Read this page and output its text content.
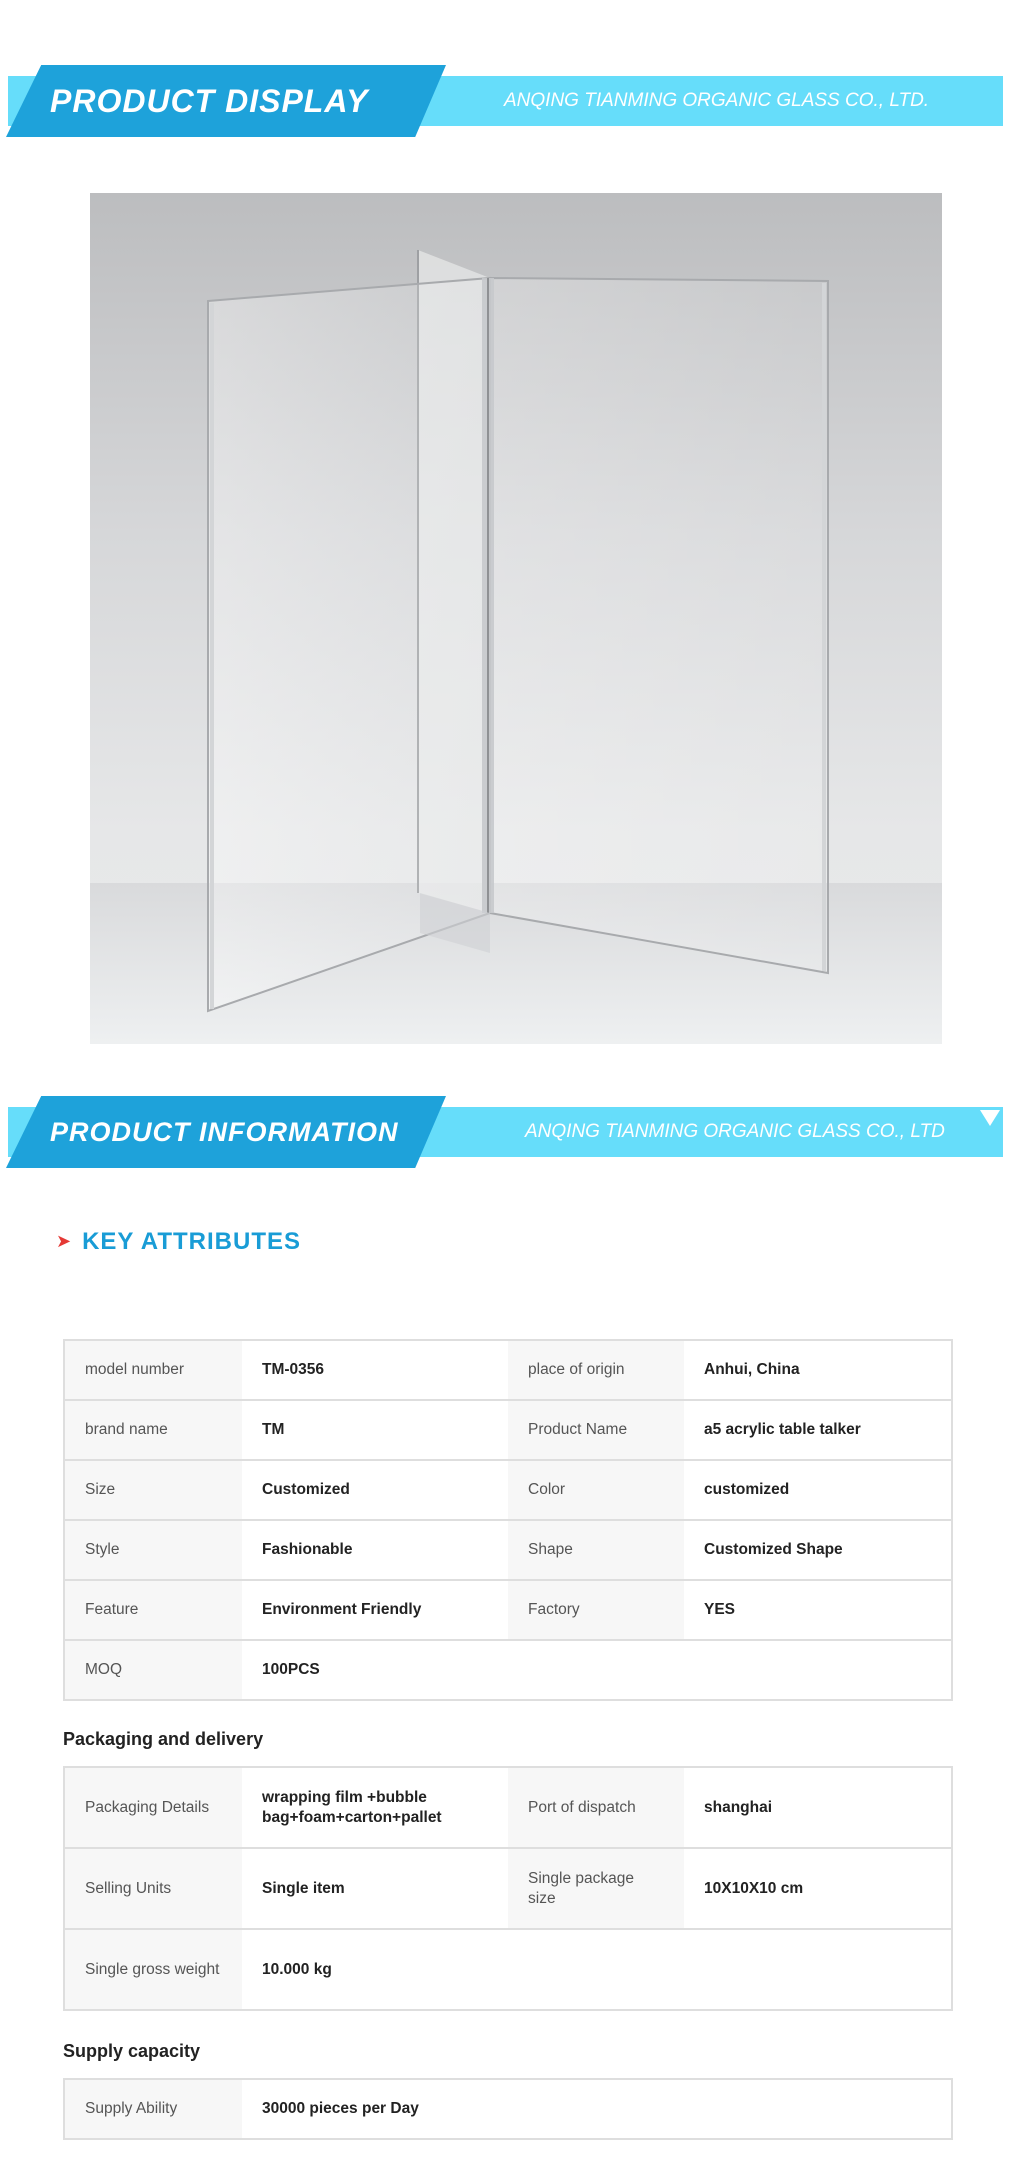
PRODUCT DISPLAY	ANQING TIANMING ORGANIC GLASS CO., LTD.
PRODUCT INFORMATION	ANQING TIANMING ORGANIC GLASS CO., LTD
➤ KEY ATTRIBUTES
model number	TM-0356	place of origin	Anhui, China
brand name	TM	Product Name	a5 acrylic table talker
Size	Customized	Color	customized
Style	Fashionable	Shape	Customized Shape
Feature	Environment Friendly	Factory	YES
MOQ	100PCS		
Packaging and delivery
Packaging Details	wrapping film +bubble bag+foam+carton+pallet	Port of dispatch	shanghai
Selling Units	Single item	Single package size	10X10X10 cm
Single gross weight	10.000 kg		
Supply capacity
Supply Ability	30000 pieces per Day
